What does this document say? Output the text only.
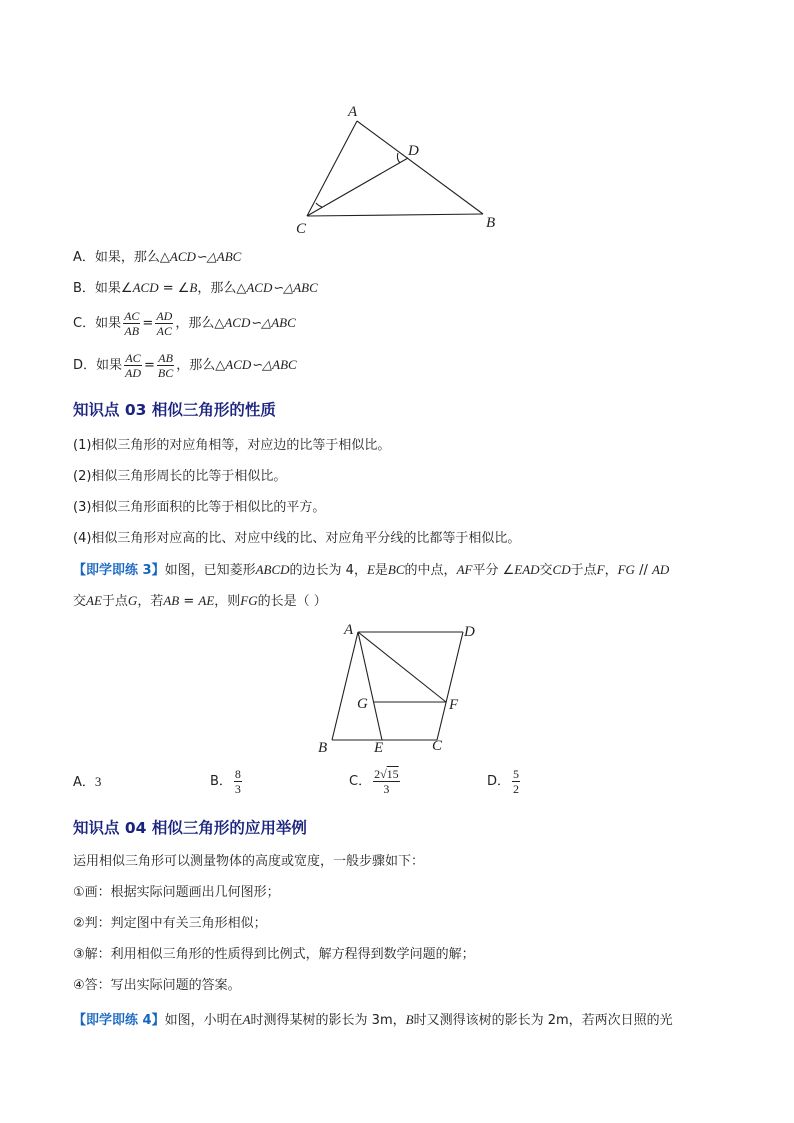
A
D
C	B
A．如果，那么△ACD∽△ABC
B．如果∠ACD = ∠B，那么△ACD∽△ABC
C．如果 $\frac{AC}{AB} = \frac{AD}{AC}$ ，那么△ACD∽△ABC
D．如果 $\frac{AC}{AD} = \frac{AB}{BC}$ ，那么△ACD∽△ABC
知识点 03 相似三角形的性质
(1)相似三角形的对应角相等，对应边的比等于相似比。
(2)相似三角形周长的比等于相似比。
(3)相似三角形面积的比等于相似比的平方。
(4)相似三角形对应高的比、对应中线的比、对应角平分线的比都等于相似比。
【即学即练 3】如图，已知菱形ABCD的边长为 4，E是BC的中点，AF平分 ∠EAD交CD于点F，FG // AD
交AE于点G，若AB = AE，则FG的长是（ ）
A	D
G	F
B	E	C
A．3	B． $\frac{8}{3}$	C． $\frac{2√15}{3}$	D． $\frac{5}{2}$
知识点 04 相似三角形的应用举例
运用相似三角形可以测量物体的高度或宽度，一般步骤如下：
①画：根据实际问题画出几何图形；
②判：判定图中有关三角形相似；
③解：利用相似三角形的性质得到比例式，解方程得到数学问题的解；
④答：写出实际问题的答案。
【即学即练 4】如图，小明在A时测得某树的影长为 3m，B时又测得该树的影长为 2m，若两次日照的光
